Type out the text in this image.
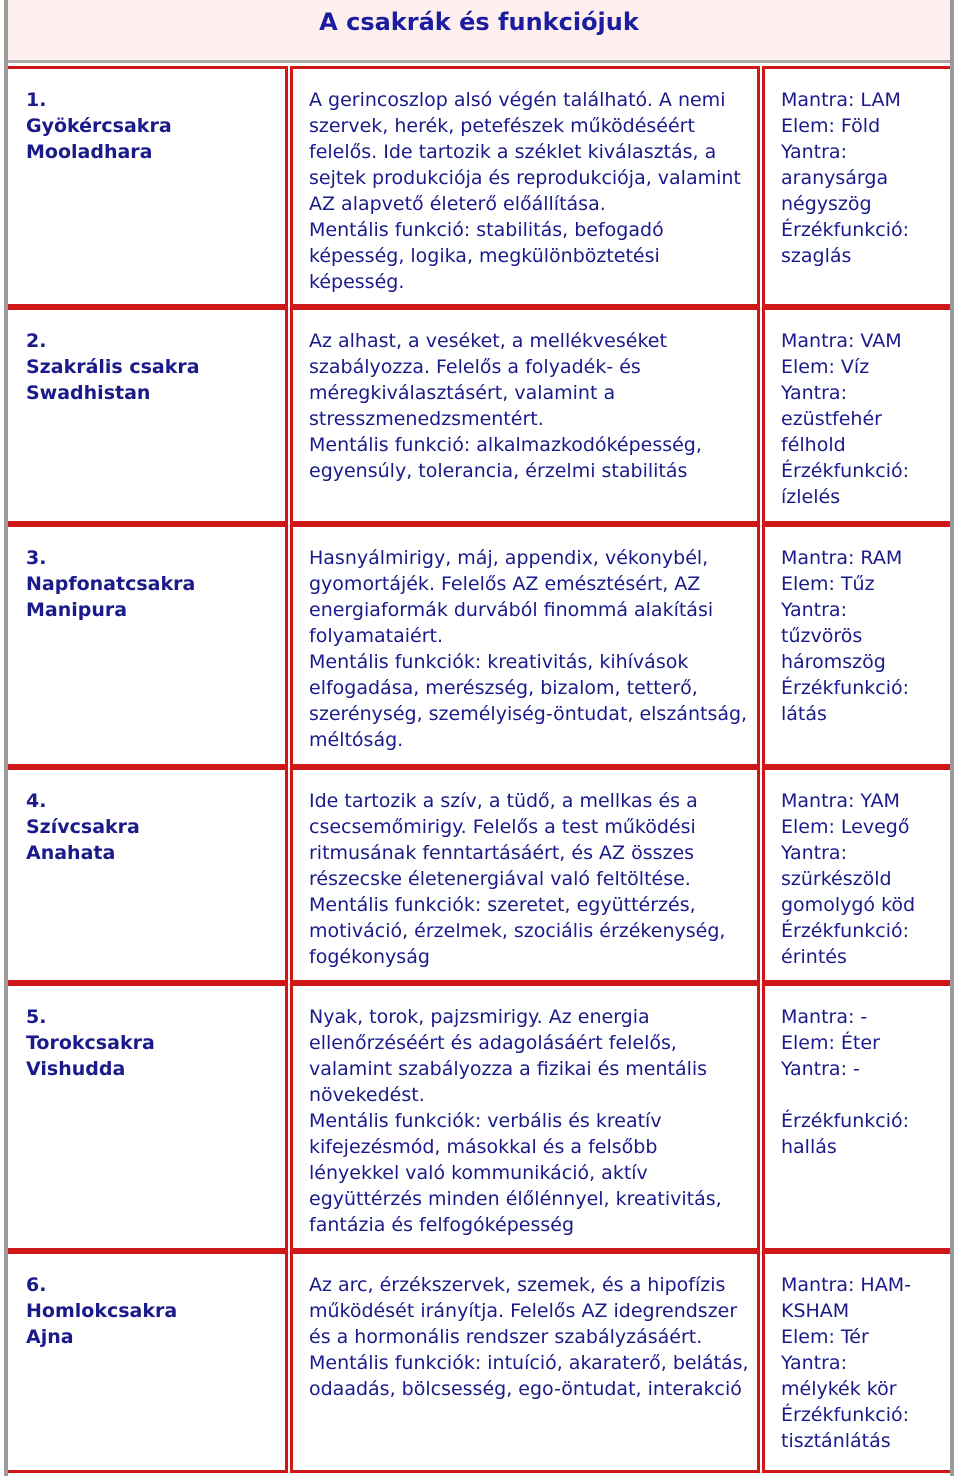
A csakrák és funkciójuk
1.
Gyökércsakra
Mooladhara
A gerincoszlop alsó végén található. A nemi
szervek, herék, petefészek működéséért
felelős. Ide tartozik a széklet kiválasztás, a
sejtek produkciója és reprodukciója, valamint
AZ alapvető életerő előállítása.
Mentális funkció: stabilitás, befogadó
képesség, logika, megkülönböztetési
képesség.
Mantra: LAM
Elem: Föld
Yantra:
aranysárga
négyszög
Érzékfunkció:
szaglás
2.
Szakrális csakra
Swadhistan
Az alhast, a veséket, a mellékveséket
szabályozza. Felelős a folyadék- és
méregkiválasztásért, valamint a
stresszmenedzsmentért.
Mentális funkció: alkalmazkodóképesség,
egyensúly, tolerancia, érzelmi stabilitás
Mantra: VAM
Elem: Víz
Yantra:
ezüstfehér
félhold
Érzékfunkció:
ízlelés
3.
Napfonatcsakra
Manipura
Hasnyálmirigy, máj, appendix, vékonybél,
gyomortájék. Felelős AZ emésztésért, AZ
energiaformák durvából finommá alakítási
folyamataiért.
Mentális funkciók: kreativitás, kihívások
elfogadása, merészség, bizalom, tetterő,
szerénység, személyiség-öntudat, elszántság,
méltóság.
Mantra: RAM
Elem: Tűz
Yantra:
tűzvörös
háromszög
Érzékfunkció:
látás
4.
Szívcsakra
Anahata
Ide tartozik a szív, a tüdő, a mellkas és a
csecsemőmirigy. Felelős a test működési
ritmusának fenntartásáért, és AZ összes
részecske életenergiával való feltöltése.
Mentális funkciók: szeretet, együttérzés,
motiváció, érzelmek, szociális érzékenység,
fogékonyság
Mantra: YAM
Elem: Levegő
Yantra:
szürkészöld
gomolygó köd
Érzékfunkció:
érintés
5.
Torokcsakra
Vishudda
Nyak, torok, pajzsmirigy. Az energia
ellenőrzéséért és adagolásáért felelős,
valamint szabályozza a fizikai és mentális
növekedést.
Mentális funkciók: verbális és kreatív
kifejezésmód, másokkal és a felsőbb
lényekkel való kommunikáció, aktív
együttérzés minden élőlénnyel, kreativitás,
fantázia és felfogóképesség
Mantra: -
Elem: Éter
Yantra: -

Érzékfunkció:
hallás
6.
Homlokcsakra
Ajna
Az arc, érzékszervek, szemek, és a hipofízis
működését irányítja. Felelős AZ idegrendszer
és a hormonális rendszer szabályzásáért.
Mentális funkciók: intuíció, akaraterő, belátás,
odaadás, bölcsesség, ego-öntudat, interakció
Mantra: HAM-
KSHAM
Elem: Tér
Yantra:
mélykék kör
Érzékfunkció:
tisztánlátás
